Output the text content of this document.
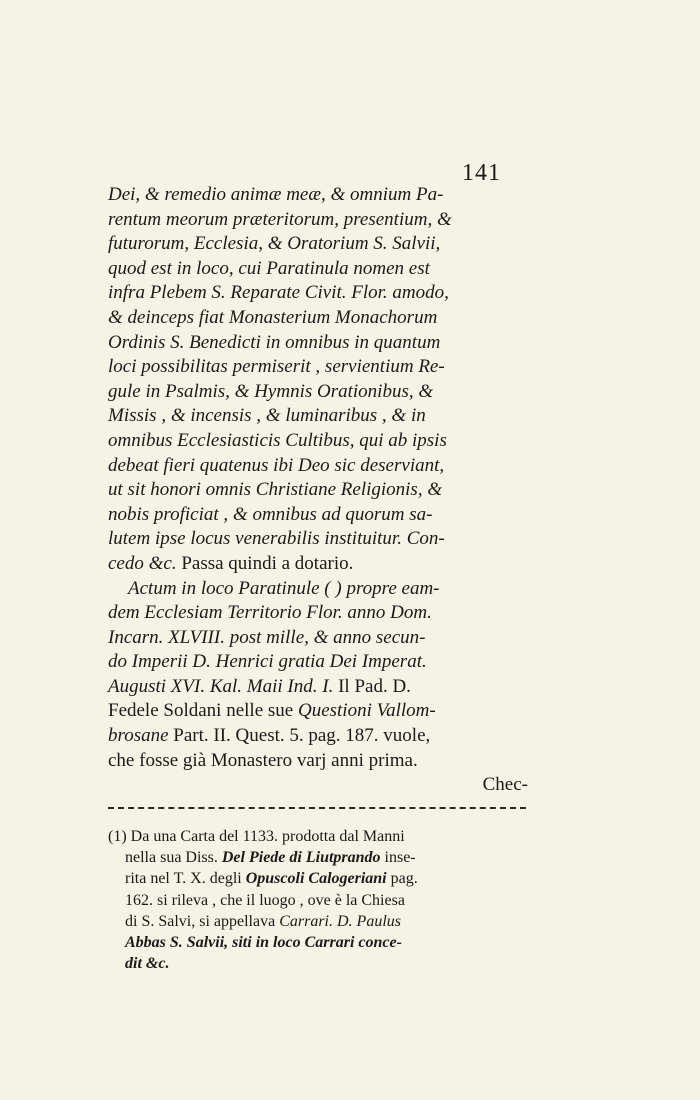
141
Dei, & remedio animæ meæ, & omnium Pa-
rentum meorum præteritorum, presentium, &
futurorum, Ecclesia, & Oratorium S. Salvii,
quod est in loco, cui Paratinula nomen est
infra Plebem S. Reparate Civit. Flor. amodo,
& deinceps fiat Monasterium Monachorum
Ordinis S. Benedicti in omnibus in quantum
loci possibilitas permiserit , servientium Re-
gule in Psalmis, & Hymnis Orationibus, &
Missis , & incensis , & luminaribus , & in
omnibus Ecclesiasticis Cultibus, qui ab ipsis
debeat fieri quatenus ibi Deo sic deserviant,
ut sit honori omnis Christiane Religionis, &
nobis proficiat , & omnibus ad quorum sa-
lutem ipse locus venerabilis instituitur. Con-
cedo &c. Passa quindi a dotario.
Actum in loco Paratinule ( ) propre eam-
dem Ecclesiam Territorio Flor. anno Dom.
Incarn. XLVIII. post mille, & anno secun-
do Imperii D. Henrici gratia Dei Imperat.
Augusti XVI. Kal. Maii Ind. I. Il Pad. D.
Fedele Soldani nelle sue Questioni Vallom-
brosane Part. II. Quest. 5. pag. 187. vuole,
che fosse già Monastero varj anni prima.
Chec-
(1) Da una Carta del 1133. prodotta dal Manni
nella sua Diss. Del Piede di Liutprando inse-
rita nel T. X. degli Opuscoli Calogeriani pag.
162. si rileva , che il luogo , ove è la Chiesa
di S. Salvi, si appellava Carrari. D. Paulus
Abbas S. Salvii, siti in loco Carrari conce-
dit &c.
